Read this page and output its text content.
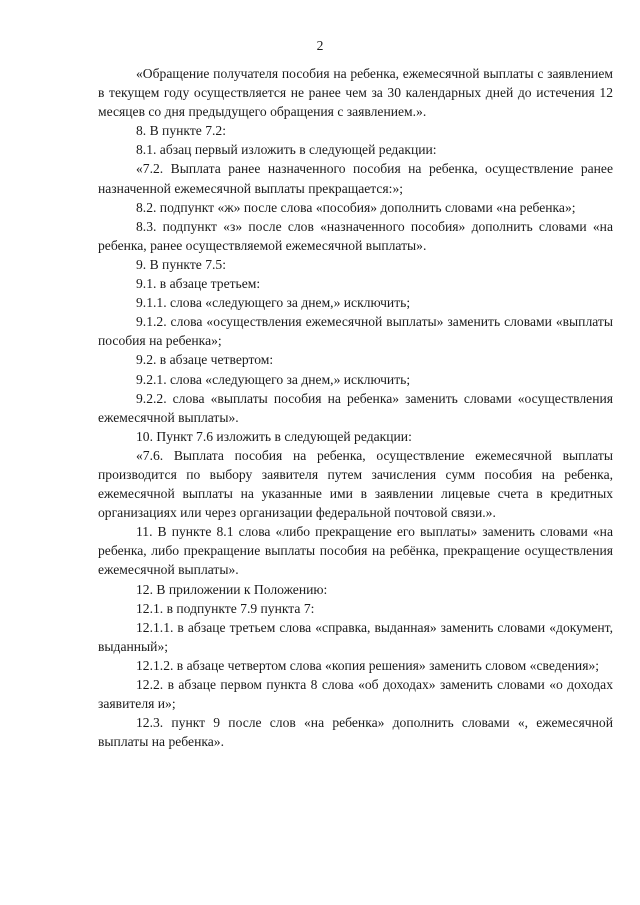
2

«Обращение получателя пособия на ребенка, ежемесячной выплаты с заявлением в текущем году осуществляется не ранее чем за 30 календарных дней до истечения 12 месяцев со дня предыдущего обращения с заявлением.».

8. В пункте 7.2:

8.1. абзац первый изложить в следующей редакции:

«7.2. Выплата ранее назначенного пособия на ребенка, осуществление ранее назначенной ежемесячной выплаты прекращается:»;

8.2. подпункт «ж» после слова «пособия» дополнить словами «на ребенка»;

8.3. подпункт «з» после слов «назначенного пособия» дополнить словами «на ребенка, ранее осуществляемой ежемесячной выплаты».

9. В пункте 7.5:

9.1. в абзаце третьем:

9.1.1. слова «следующего за днем,» исключить;

9.1.2. слова «осуществления ежемесячной выплаты» заменить словами «выплаты пособия на ребенка»;

9.2. в абзаце четвертом:

9.2.1. слова «следующего за днем,» исключить;

9.2.2. слова «выплаты пособия на ребенка» заменить словами «осуществления ежемесячной выплаты».

10. Пункт 7.6 изложить в следующей редакции:

«7.6. Выплата пособия на ребенка, осуществление ежемесячной выплаты производится по выбору заявителя путем зачисления сумм пособия на ребенка, ежемесячной выплаты на указанные ими в заявлении лицевые счета в кредитных организациях или через организации федеральной почтовой связи.».

11. В пункте 8.1 слова «либо прекращение его выплаты» заменить словами «на ребенка, либо прекращение выплаты пособия на ребёнка, прекращение осуществления ежемесячной выплаты».

12. В приложении к Положению:

12.1. в подпункте 7.9 пункта 7:

12.1.1. в абзаце третьем слова «справка, выданная» заменить словами «документ, выданный»;

12.1.2. в абзаце четвертом слова «копия решения» заменить словом «сведения»;

12.2. в абзаце первом пункта 8 слова «об доходах» заменить словами «о доходах заявителя и»;

12.3. пункт 9 после слов «на ребенка» дополнить словами «, ежемесячной выплаты на ребенка».
